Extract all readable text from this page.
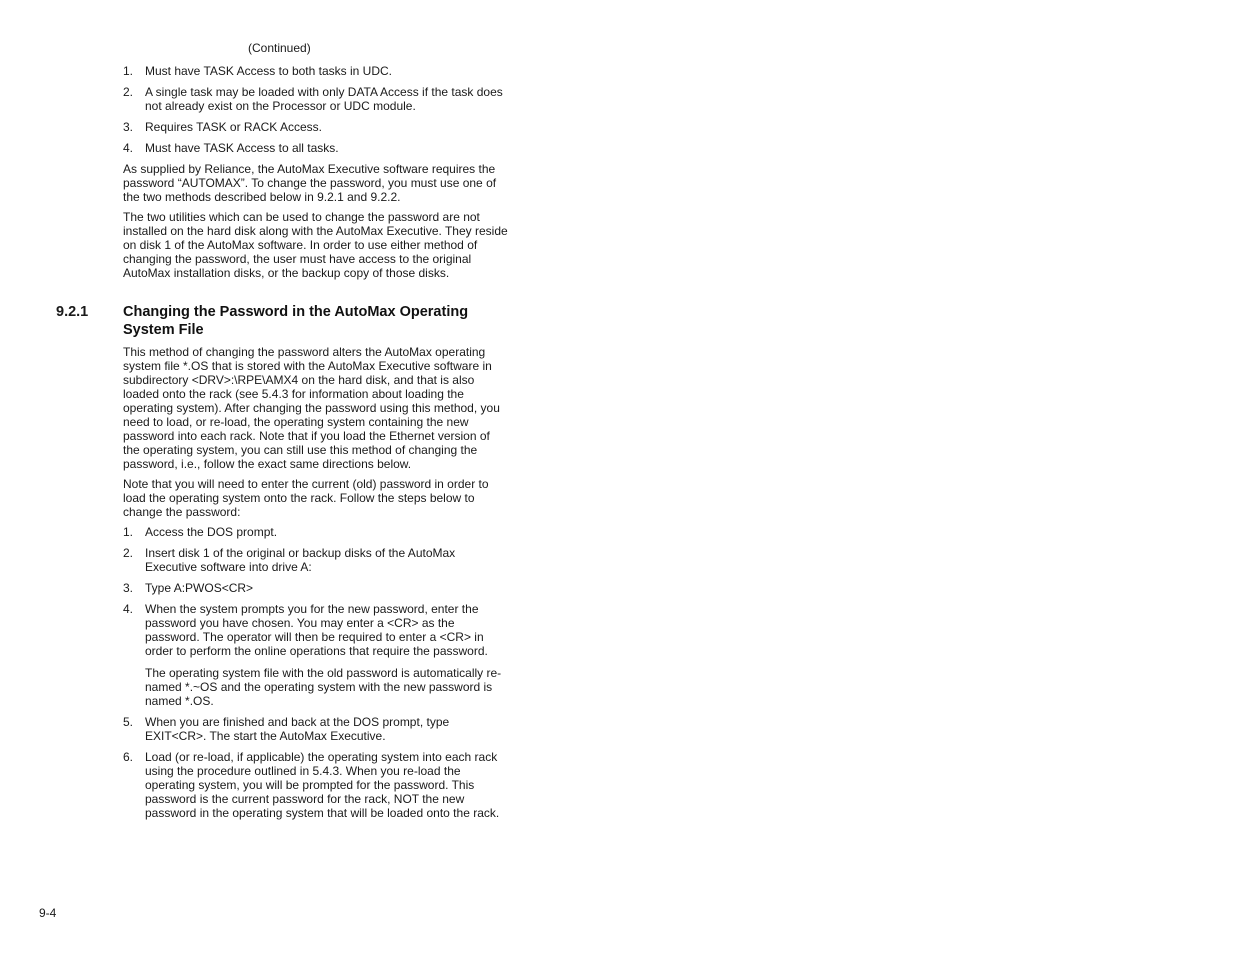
(Continued)
1. Must have TASK Access to both tasks in UDC.

2. A single task may be loaded with only DATA Access if the task does not already exist on the Processor or UDC module.

3. Requires TASK or RACK Access.

4. Must have TASK Access to all tasks.

As supplied by Reliance, the AutoMax Executive software requires the password “AUTOMAX”. To change the password, you must use one of the two methods described below in 9.2.1 and 9.2.2.

The two utilities which can be used to change the password are not installed on the hard disk along with the AutoMax Executive. They reside on disk 1 of the AutoMax software. In order to use either method of changing the password, the user must have access to the original AutoMax installation disks, or the backup copy of those disks.

9.2.1 Changing the Password in the AutoMax Operating System File

This method of changing the password alters the AutoMax operating system file *.OS that is stored with the AutoMax Executive software in subdirectory <DRV>:\RPE\AMX4 on the hard disk, and that is also loaded onto the rack (see 5.4.3 for information about loading the operating system). After changing the password using this method, you need to load, or re-load, the operating system containing the new password into each rack. Note that if you load the Ethernet version of the operating system, you can still use this method of changing the password, i.e., follow the exact same directions below.

Note that you will need to enter the current (old) password in order to load the operating system onto the rack. Follow the steps below to change the password:

1. Access the DOS prompt.

2. Insert disk 1 of the original or backup disks of the AutoMax Executive software into drive A:

3. Type A:PWOS<CR>

4. When the system prompts you for the new password, enter the password you have chosen. You may enter a <CR> as the password. The operator will then be required to enter a <CR> in order to perform the online operations that require the password.

The operating system file with the old password is automatically re-named *.~OS and the operating system with the new password is named *.OS.

5. When you are finished and back at the DOS prompt, type EXIT<CR>. The start the AutoMax Executive.

6. Load (or re-load, if applicable) the operating system into each rack using the procedure outlined in 5.4.3. When you re-load the operating system, you will be prompted for the password. This password is the current password for the rack, NOT the new password in the operating system that will be loaded onto the rack.

9-4
